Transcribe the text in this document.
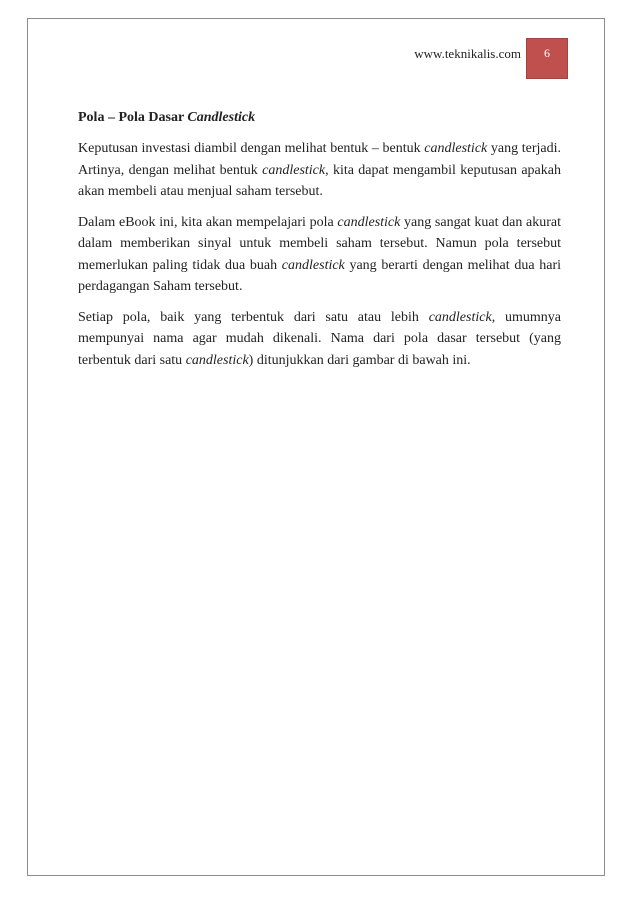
www.teknikalis.com	6
Pola – Pola Dasar Candlestick

Keputusan investasi diambil dengan melihat bentuk – bentuk candlestick yang terjadi. Artinya, dengan melihat bentuk candlestick, kita dapat mengambil keputusan apakah akan membeli atau menjual saham tersebut.

Dalam eBook ini, kita akan mempelajari pola candlestick yang sangat kuat dan akurat dalam memberikan sinyal untuk membeli saham tersebut. Namun pola tersebut memerlukan paling tidak dua buah candlestick yang berarti dengan melihat dua hari perdagangan Saham tersebut.

Setiap pola, baik yang terbentuk dari satu atau lebih candlestick, umumnya mempunyai nama agar mudah dikenali. Nama dari pola dasar tersebut (yang terbentuk dari satu candlestick) ditunjukkan dari gambar di bawah ini.
